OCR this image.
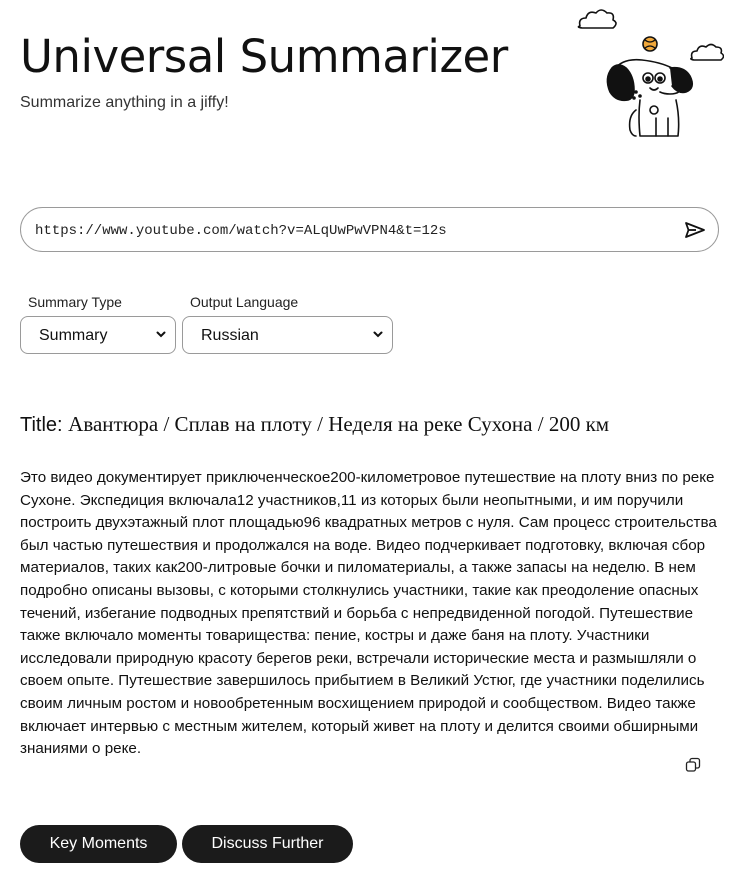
Universal Summarizer
Summarize anything in a jiffy!
https://www.youtube.com/watch?v=ALqUwPwVPN4&t=12s
Summary Type
Summary
Output Language
Russian
Title: Авантюра / Сплав на плоту / Неделя на реке Сухона / 200 км

Это видео документирует приключенческое200-километровое путешествие на плоту вниз по реке Сухоне. Экспедиция включала12 участников,11 из которых были неопытными, и им поручили построить двухэтажный плот площадью96 квадратных метров с нуля. Сам процесс строительства был частью путешествия и продолжался на воде. Видео подчеркивает подготовку, включая сбор материалов, таких как200-литровые бочки и пиломатериалы, а также запасы на неделю. В нем подробно описаны вызовы, с которыми столкнулись участники, такие как преодоление опасных течений, избегание подводных препятствий и борьба с непредвиденной погодой. Путешествие также включало моменты товарищества: пение, костры и даже баня на плоту. Участники исследовали природную красоту берегов реки, встречали исторические места и размышляли о своем опыте. Путешествие завершилось прибытием в Великий Устюг, где участники поделились своим личным ростом и новообретенным восхищением природой и сообществом. Видео также включает интервью с местным жителем, который живет на плоту и делится своими обширными знаниями о реке.

Key Moments	Discuss Further
